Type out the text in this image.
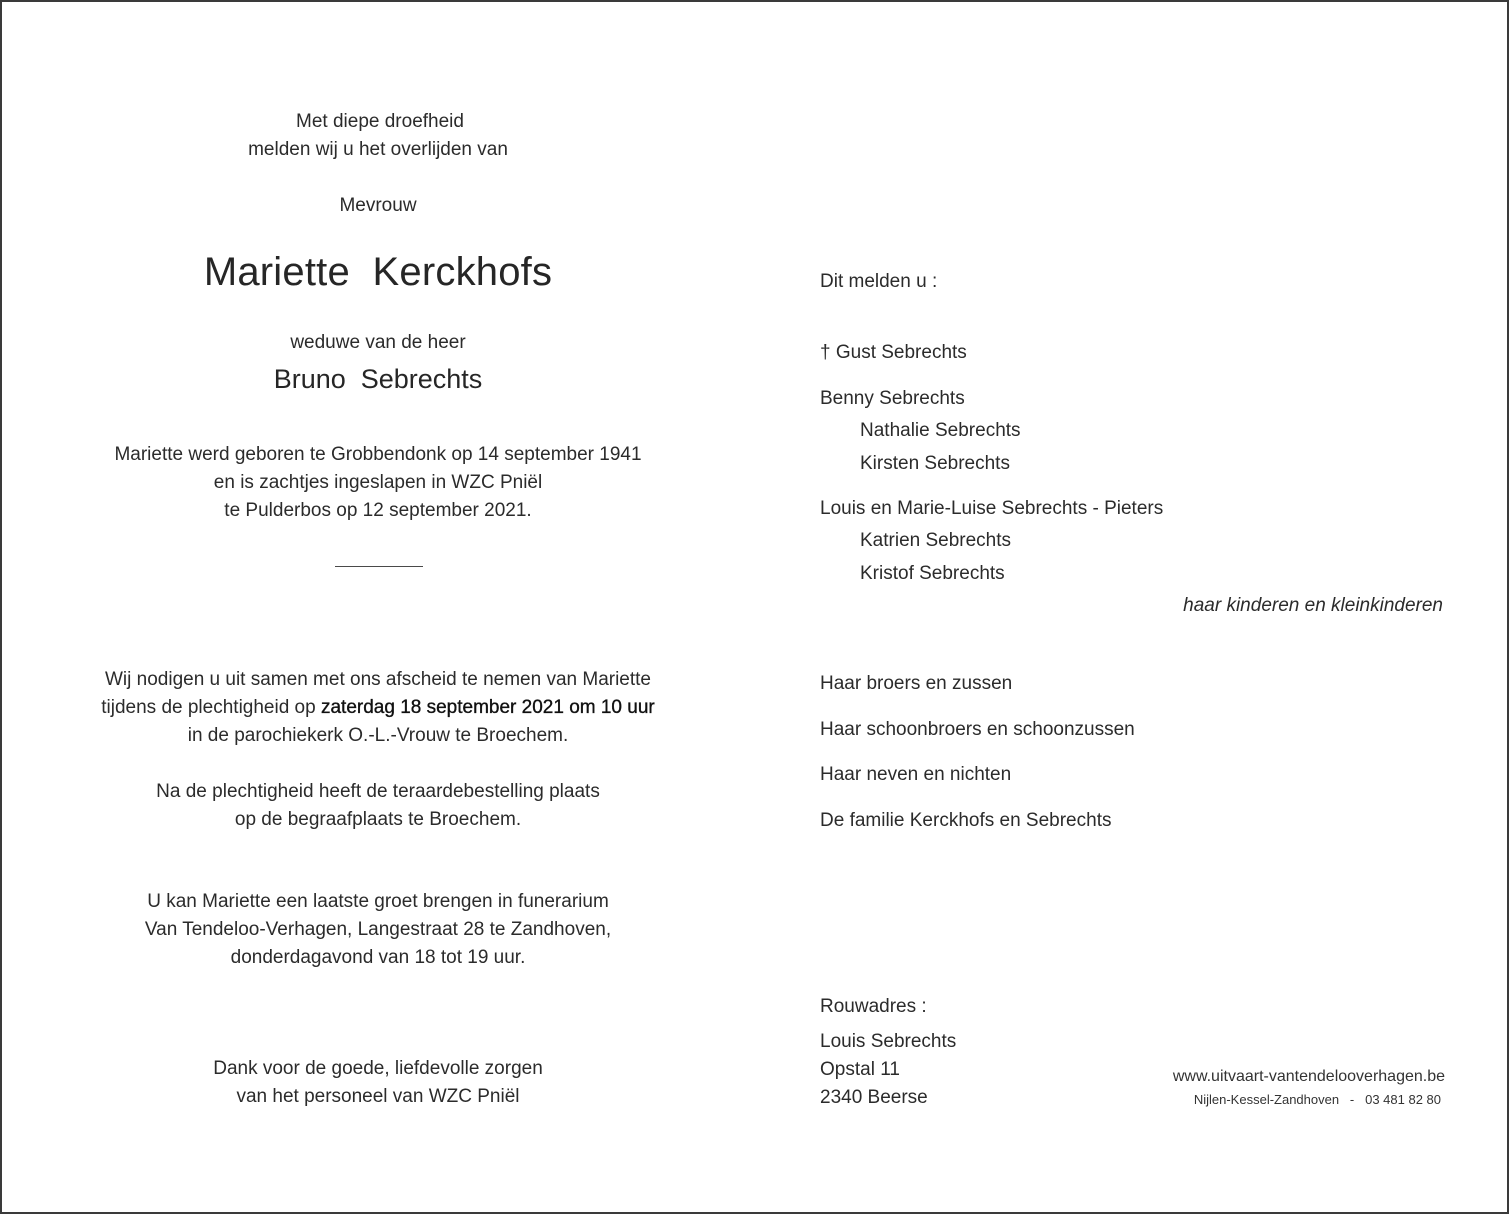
Met diepe droefheid
melden wij u het overlijden van
Mevrouw
Mariette  Kerckhofs
weduwe van de heer
Bruno  Sebrechts
Mariette werd geboren te Grobbendonk op 14 september 1941
en is zachtjes ingeslapen in WZC Pniël
te Pulderbos op 12 september 2021.
Wij nodigen u uit samen met ons afscheid te nemen van Mariette
tijdens de plechtigheid op zaterdag 18 september 2021 om 10 uur
in de parochiekerk O.-L.-Vrouw te Broechem.
Na de plechtigheid heeft de teraardebestelling plaats
op de begraafplaats te Broechem.
U kan Mariette een laatste groet brengen in funerarium
Van Tendeloo-Verhagen, Langestraat 28 te Zandhoven,
donderdagavond van 18 tot 19 uur.
Dank voor de goede, liefdevolle zorgen
van het personeel van WZC Pniël
Dit melden u :
† Gust Sebrechts
Benny Sebrechts
Nathalie Sebrechts
Kirsten Sebrechts
Louis en Marie-Luise Sebrechts - Pieters
Katrien Sebrechts
Kristof Sebrechts
haar kinderen en kleinkinderen
Haar broers en zussen
Haar schoonbroers en schoonzussen
Haar neven en nichten
De familie Kerckhofs en Sebrechts
Rouwadres :
Louis Sebrechts
Opstal 11
2340 Beerse
www.uitvaart-vantendelooverhagen.be
Nijlen-Kessel-Zandhoven   -   03 481 82 80
